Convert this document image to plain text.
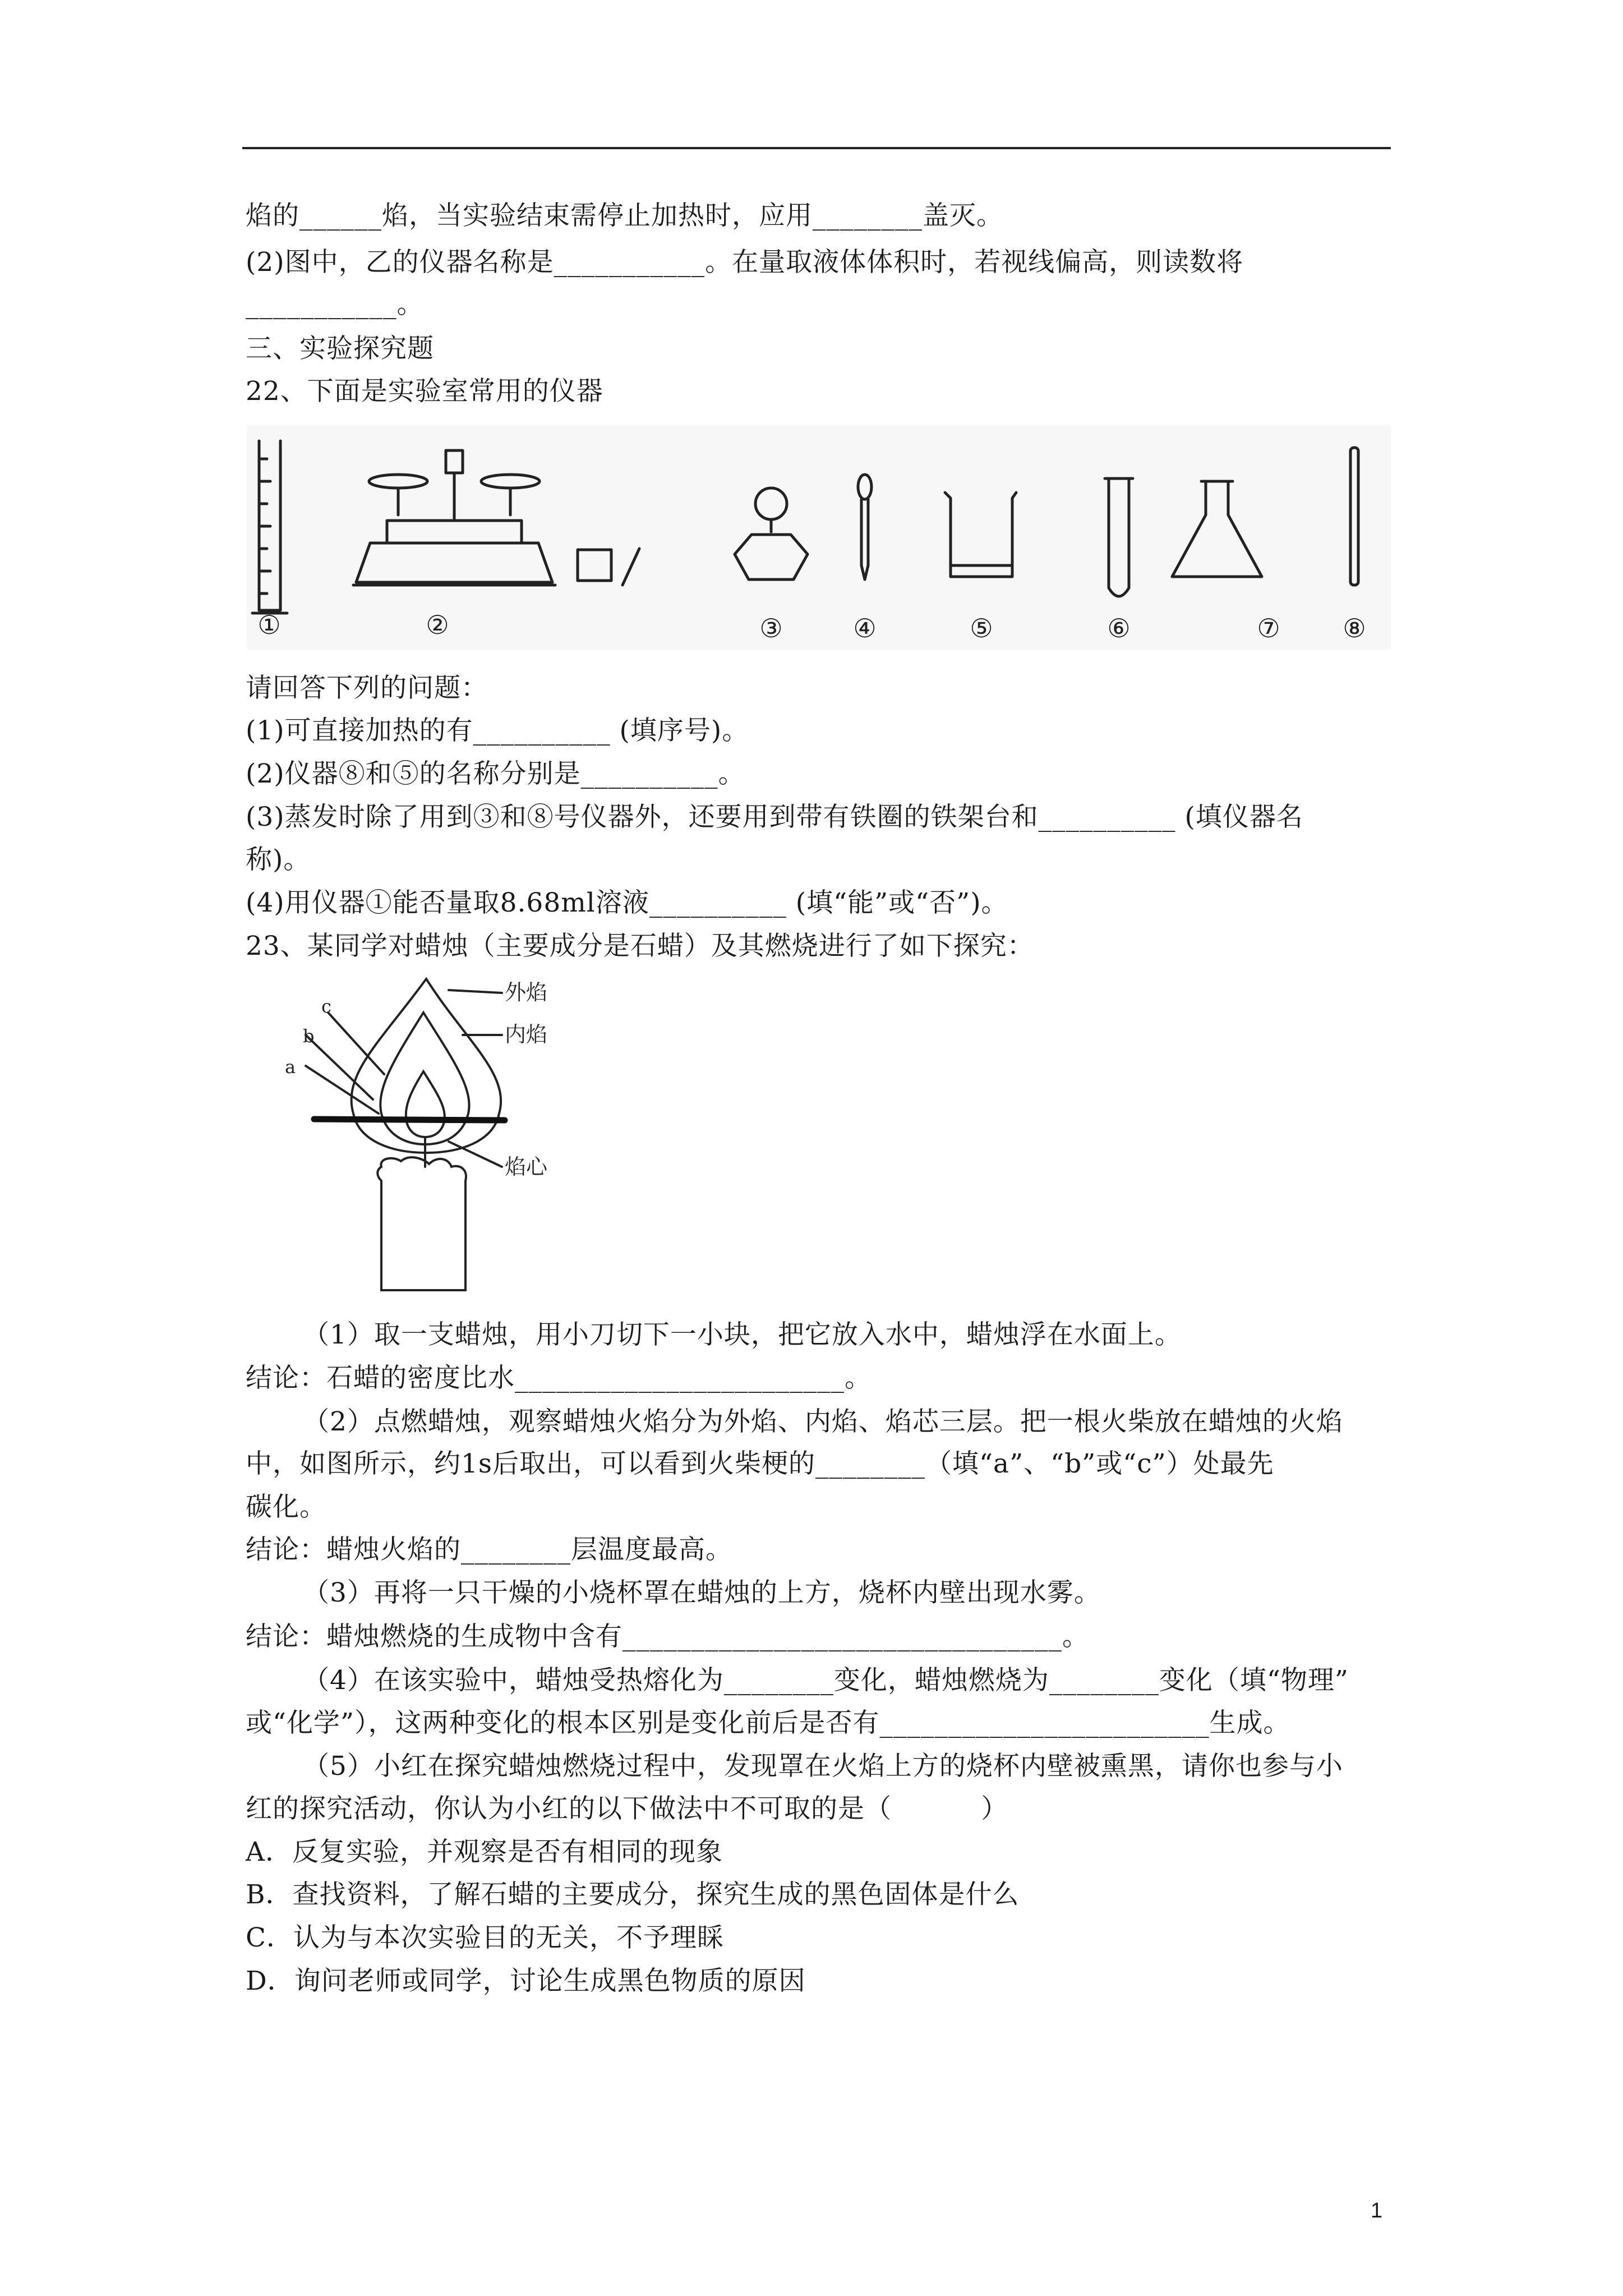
焰的______焰，当实验结束需停止加热时，应用________盖灭。
(2)图中，乙的仪器名称是___________。在量取液体体积时，若视线偏高，则读数将
___________。
三、实验探究题
22、下面是实验室常用的仪器
①	②	③	④	⑤	⑥	⑦ ⑧
请回答下列的问题：
(1)可直接加热的有__________ (填序号)。
(2)仪器⑧和⑤的名称分别是__________。
(3)蒸发时除了用到③和⑧号仪器外，还要用到带有铁圈的铁架台和__________ (填仪器名
称)。
(4)用仪器①能否量取8.68ml溶液__________ (填“能”或“否”)。
23、某同学对蜡烛（主要成分是石蜡）及其燃烧进行了如下探究：
外焰
内焰
焰心
a
b
c
（1）取一支蜡烛，用小刀切下一小块，把它放入水中，蜡烛浮在水面上。
结论：石蜡的密度比水________________________。
（2）点燃蜡烛，观察蜡烛火焰分为外焰、内焰、焰芯三层。把一根火柴放在蜡烛的火焰
中，如图所示，约1s后取出，可以看到火柴梗的________（填“a”、“b”或“c”）处最先
碳化。
结论：蜡烛火焰的________层温度最高。
（3）再将一只干燥的小烧杯罩在蜡烛的上方，烧杯内壁出现水雾。
结论：蜡烛燃烧的生成物中含有________________________________。
（4）在该实验中，蜡烛受热熔化为________变化，蜡烛燃烧为________变化（填“物理”
或“化学”），这两种变化的根本区别是变化前后是否有________________________生成。
（5）小红在探究蜡烛燃烧过程中，发现罩在火焰上方的烧杯内壁被熏黑，请你也参与小
红的探究活动，你认为小红的以下做法中不可取的是（          ）
A．反复实验，并观察是否有相同的现象
B．查找资料，了解石蜡的主要成分，探究生成的黑色固体是什么
C．认为与本次实验目的无关，不予理睬
D．询问老师或同学，讨论生成黑色物质的原因
1
